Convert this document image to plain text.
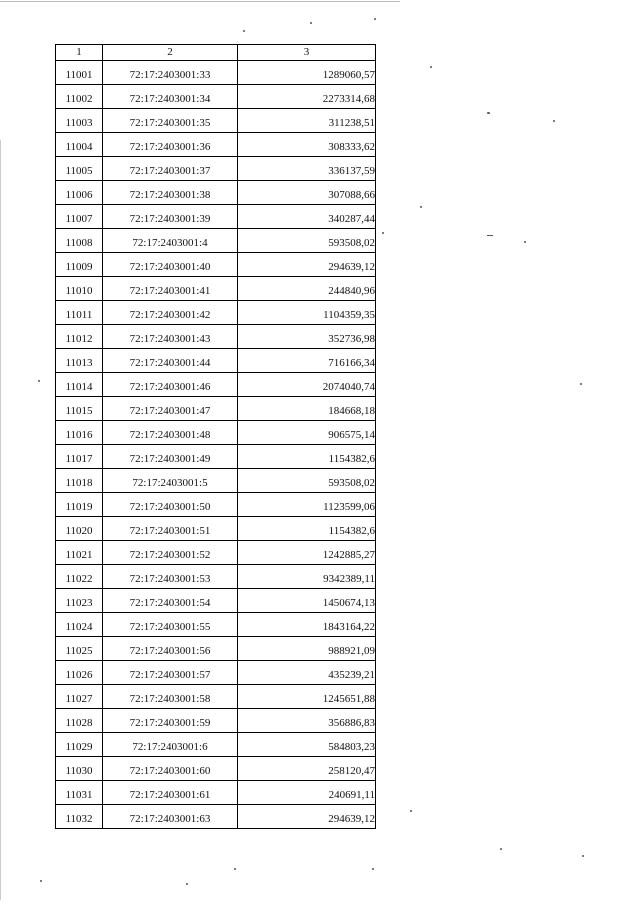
1	2	3
11001	72:17:2403001:33	1289060,57
11002	72:17:2403001:34	2273314,68
11003	72:17:2403001:35	311238,51
11004	72:17:2403001:36	308333,62
11005	72:17:2403001:37	336137,59
11006	72:17:2403001:38	307088,66
11007	72:17:2403001:39	340287,44
11008	72:17:2403001:4	593508,02
11009	72:17:2403001:40	294639,12
11010	72:17:2403001:41	244840,96
11011	72:17:2403001:42	1104359,35
11012	72:17:2403001:43	352736,98
11013	72:17:2403001:44	716166,34
11014	72:17:2403001:46	2074040,74
11015	72:17:2403001:47	184668,18
11016	72:17:2403001:48	906575,14
11017	72:17:2403001:49	1154382,6
11018	72:17:2403001:5	593508,02
11019	72:17:2403001:50	1123599,06
11020	72:17:2403001:51	1154382,6
11021	72:17:2403001:52	1242885,27
11022	72:17:2403001:53	9342389,11
11023	72:17:2403001:54	1450674,13
11024	72:17:2403001:55	1843164,22
11025	72:17:2403001:56	988921,09
11026	72:17:2403001:57	435239,21
11027	72:17:2403001:58	1245651,88
11028	72:17:2403001:59	356886,83
11029	72:17:2403001:6	584803,23
11030	72:17:2403001:60	258120,47
11031	72:17:2403001:61	240691,11
11032	72:17:2403001:63	294639,12
